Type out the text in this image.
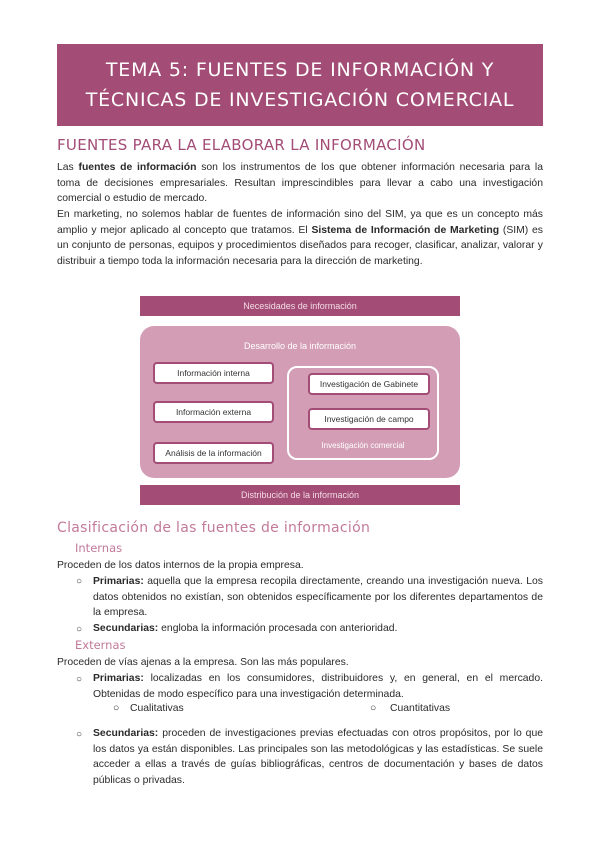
TEMA 5: FUENTES DE INFORMACIÓN Y
TÉCNICAS DE INVESTIGACIÓN COMERCIAL
FUENTES PARA LA ELABORAR LA INFORMACIÓN

Las fuentes de información son los instrumentos de los que obtener información necesaria para la toma de decisiones empresariales. Resultan imprescindibles para llevar a cabo una investigación comercial o estudio de mercado.

En marketing, no solemos hablar de fuentes de información sino del SIM, ya que es un concepto más amplio y mejor aplicado al concepto que tratamos. El Sistema de Información de Marketing (SIM) es un conjunto de personas, equipos y procedimientos diseñados para recoger, clasificar, analizar, valorar y distribuir a tiempo toda la información necesaria para la dirección de marketing.

Necesidades de información
Desarrollo de la información
Información interna
Información externa
Análisis de la información
Investigación de Gabinete
Investigación de campo
Investigación comercial
Distribución de la información
Clasificación de las fuentes de información
Internas

Proceden de los datos internos de la propia empresa.

○ Primarias: aquella que la empresa recopila directamente, creando una investigación nueva. Los datos obtenidos no existían, son obtenidos específicamente por los diferentes departamentos de la empresa.

○ Secundarias: engloba la información procesada con anterioridad.

Externas

Proceden de vías ajenas a la empresa. Son las más populares.

○ Primarias: localizadas en los consumidores, distribuidores y, en general, en el mercado. Obtenidas de modo específico para una investigación determinada.

○ Cualitativas	○ Cuantitativas
○ Secundarias: proceden de investigaciones previas efectuadas con otros propósitos, por lo que los datos ya están disponibles. Las principales son las metodológicas y las estadísticas. Se suele acceder a ellas a través de guías bibliográficas, centros de documentación y bases de datos públicas o privadas.
